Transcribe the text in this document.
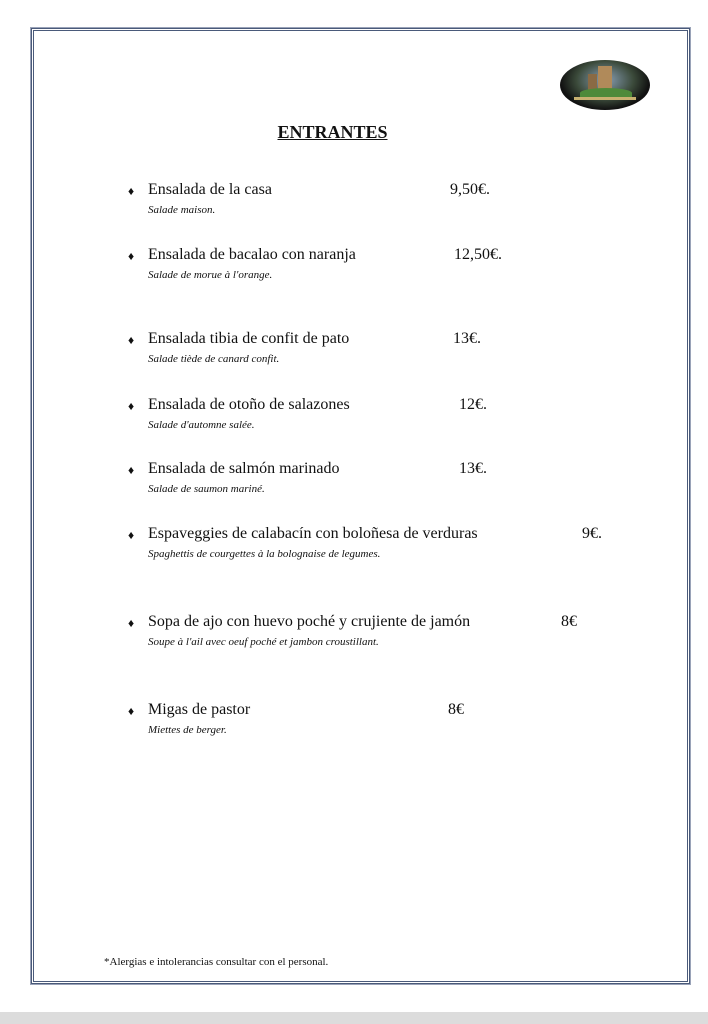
ENTRANTES
♦ Ensalada de la casa
Salade maison.
9,50€.
♦ Ensalada de bacalao con naranja
Salade de morue à l'orange.
12,50€.
♦ Ensalada tibia de confit de pato
Salade tiède de canard confit.
13€.
♦ Ensalada de otoño de salazones
Salade d'automne salée.
12€.
♦ Ensalada de salmón marinado
Salade de saumon mariné.
13€.
♦ Espaveggies de calabacín con boloñesa de verduras
Spaghettis de courgettes à la bolognaise de legumes.
9€.
♦ Sopa de ajo con huevo poché y crujiente de jamón
Soupe à l'ail avec oeuf poché et jambon croustillant.
8€
♦ Migas de pastor
Miettes de berger.
8€
*Alergias e intolerancias consultar con el personal.
